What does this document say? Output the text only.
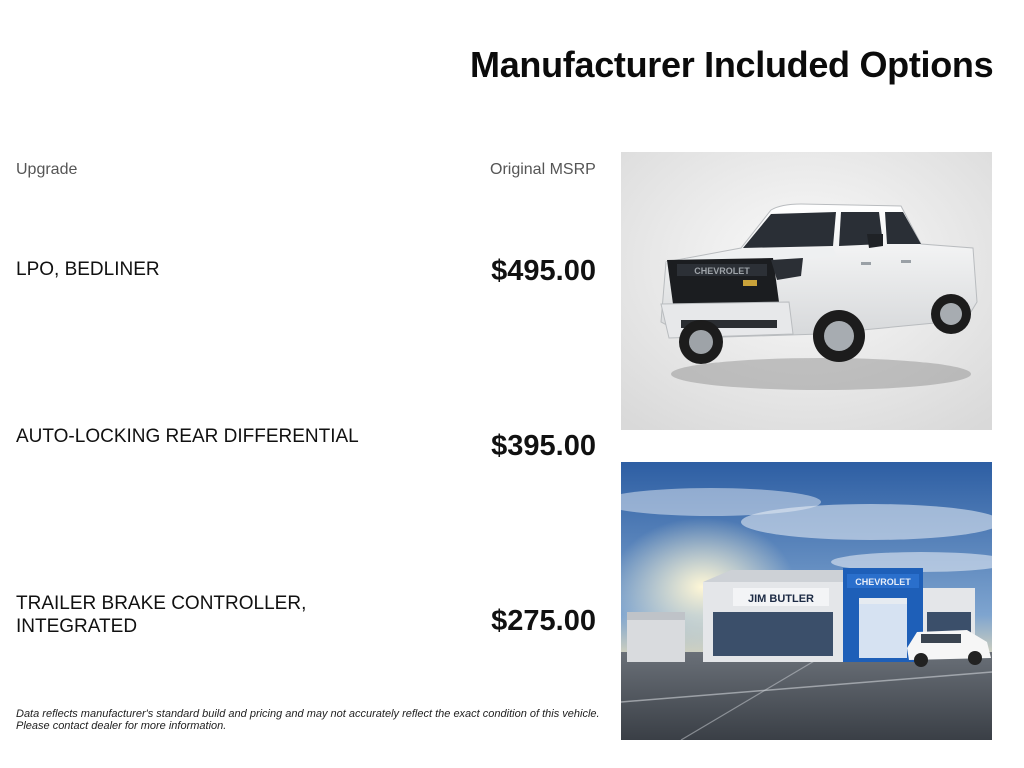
Manufacturer Included Options
Upgrade	Original MSRP
LPO, BEDLINER	$495.00
AUTO-LOCKING REAR DIFFERENTIAL	$395.00
TRAILER BRAKE CONTROLLER, INTEGRATED	$275.00
Data reflects manufacturer's standard build and pricing and may not accurately reflect the exact condition of this vehicle.
Please contact dealer for more information.
CHEVROLET
JIM BUTLER
CHEVROLET
